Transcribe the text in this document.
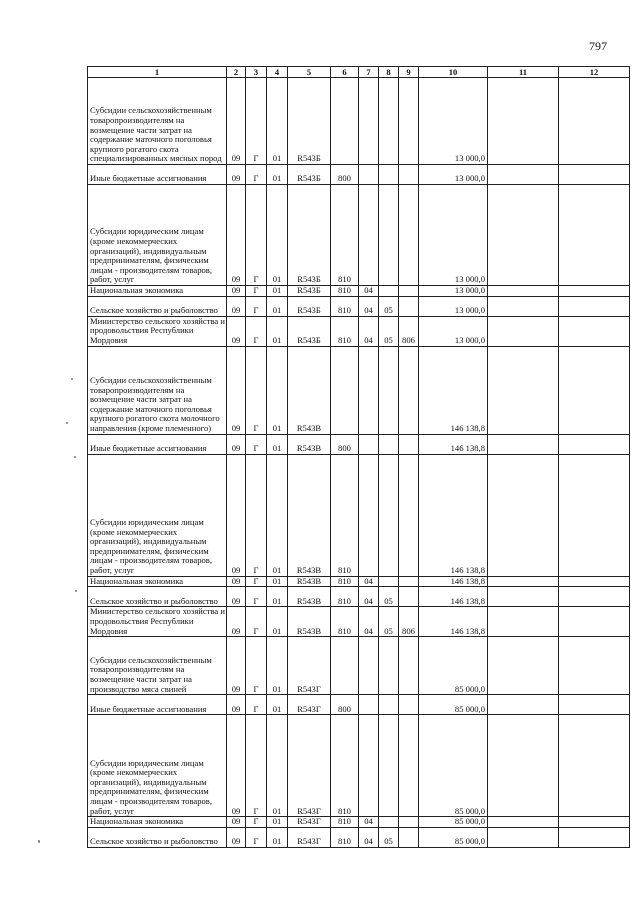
797
1	2	3	4	5	6	7	8	9	10	11	12
Субсидии сельскохозяйственным товаропроизводителям на возмещение части затрат на содержание маточного поголовья крупного рогатого скота специализированных мясных пород	09	Г	01	R543Б					13 000,0		
Иные бюджетные ассигнования	09	Г	01	R543Б	800				13 000,0		
Субсидии юридическим лицам (кроме некоммерческих организаций), индивидуальным предпринимателям, физическим лицам - производителям товаров, работ, услуг	09	Г	01	R543Б	810				13 000,0		
Национальная экономика	09	Г	01	R543Б	810	04			13 000,0		
Сельское хозяйство и рыболовство	09	Г	01	R543Б	810	04	05		13 000,0		
Министерство сельского хозяйства и продовольствия Республики Мордовия	09	Г	01	R543Б	810	04	05	806	13 000,0		
Субсидии сельскохозяйственным товаропроизводителям на возмещение части затрат на содержание маточного поголовья крупного рогатого скота молочного направления (кроме племенного)	09	Г	01	R543В					146 138,8		
Иные бюджетные ассигнования	09	Г	01	R543В	800				146 138,8		
Субсидии юридическим лицам (кроме некоммерческих организаций), индивидуальным предпринимателям, физическим лицам - производителям товаров, работ, услуг	09	Г	01	R543В	810				146 138,8		
Национальная экономика	09	Г	01	R543В	810	04			146 138,8		
Сельское хозяйство и рыболовство	09	Г	01	R543В	810	04	05		146 138,8		
Министерство сельского хозяйства и продовольствия Республики Мордовия	09	Г	01	R543В	810	04	05	806	146 138,8		
Субсидии сельскохозяйственным товаропроизводителям на возмещение части затрат на производство мяса свиней	09	Г	01	R543Г					85 000,0		
Иные бюджетные ассигнования	09	Г	01	R543Г	800				85 000,0		
Субсидии юридическим лицам (кроме некоммерческих организаций), индивидуальным предпринимателям, физическим лицам - производителям товаров, работ, услуг	09	Г	01	R543Г	810				85 000,0		
Национальная экономика	09	Г	01	R543Г	810	04			85 000,0		
Сельское хозяйство и рыболовство	09	Г	01	R543Г	810	04	05		85 000,0		
